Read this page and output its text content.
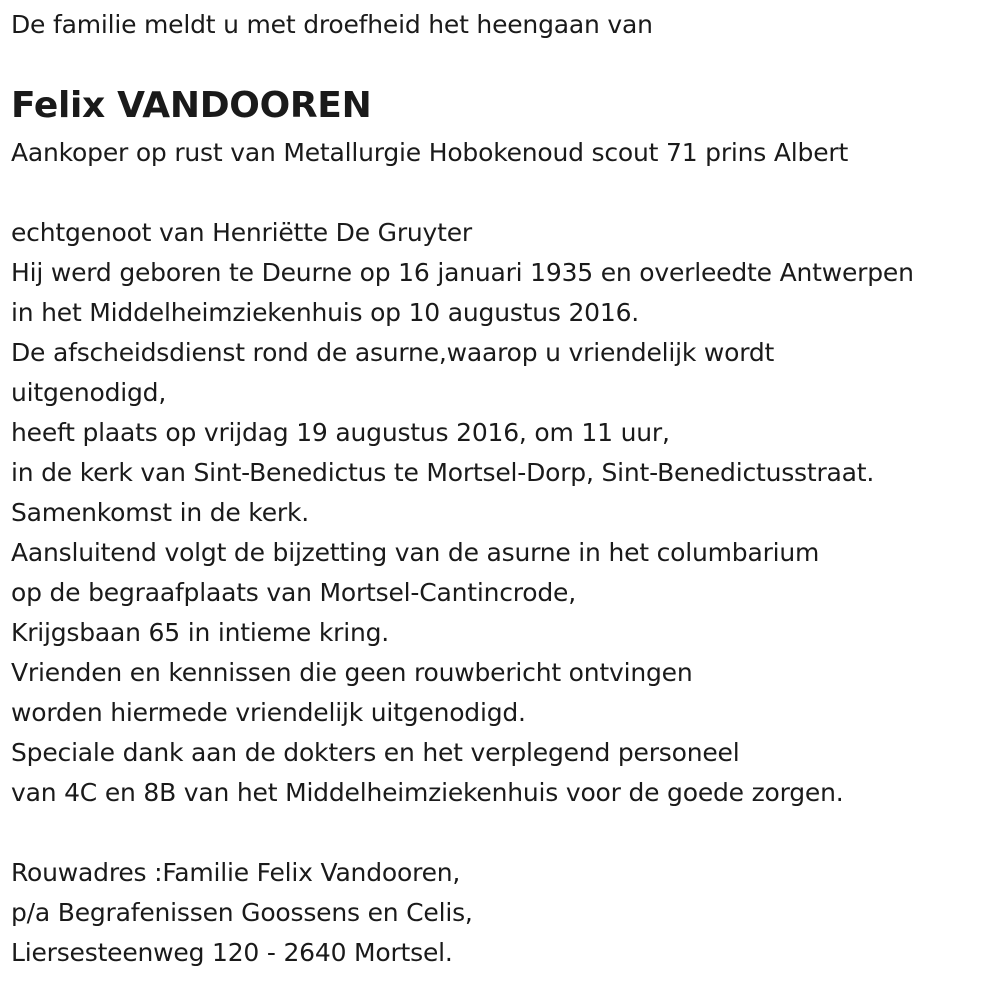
De familie meldt u met droefheid het heengaan van
Felix VANDOOREN
Aankoper op rust van Metallurgie Hobokenoud scout 71 prins Albert
echtgenoot van Henriëtte De Gruyter
Hij werd geboren te Deurne op 16 januari 1935 en overleedte Antwerpen
in het Middelheimziekenhuis op 10 augustus 2016.
De afscheidsdienst rond de asurne,waarop u vriendelijk wordt
uitgenodigd,
heeft plaats op vrijdag 19 augustus 2016, om 11 uur,
in de kerk van Sint-Benedictus te Mortsel-Dorp, Sint-Benedictusstraat.
Samenkomst in de kerk.
Aansluitend volgt de bijzetting van de asurne in het columbarium
op de begraafplaats van Mortsel-Cantincrode,
Krijgsbaan 65 in intieme kring.
Vrienden en kennissen die geen rouwbericht ontvingen
worden hiermede vriendelijk uitgenodigd.
Speciale dank aan de dokters en het verplegend personeel
van 4C en 8B van het Middelheimziekenhuis voor de goede zorgen.
Rouwadres :Familie Felix Vandooren,
p/a Begrafenissen Goossens en Celis,
Liersesteenweg 120 - 2640 Mortsel.
